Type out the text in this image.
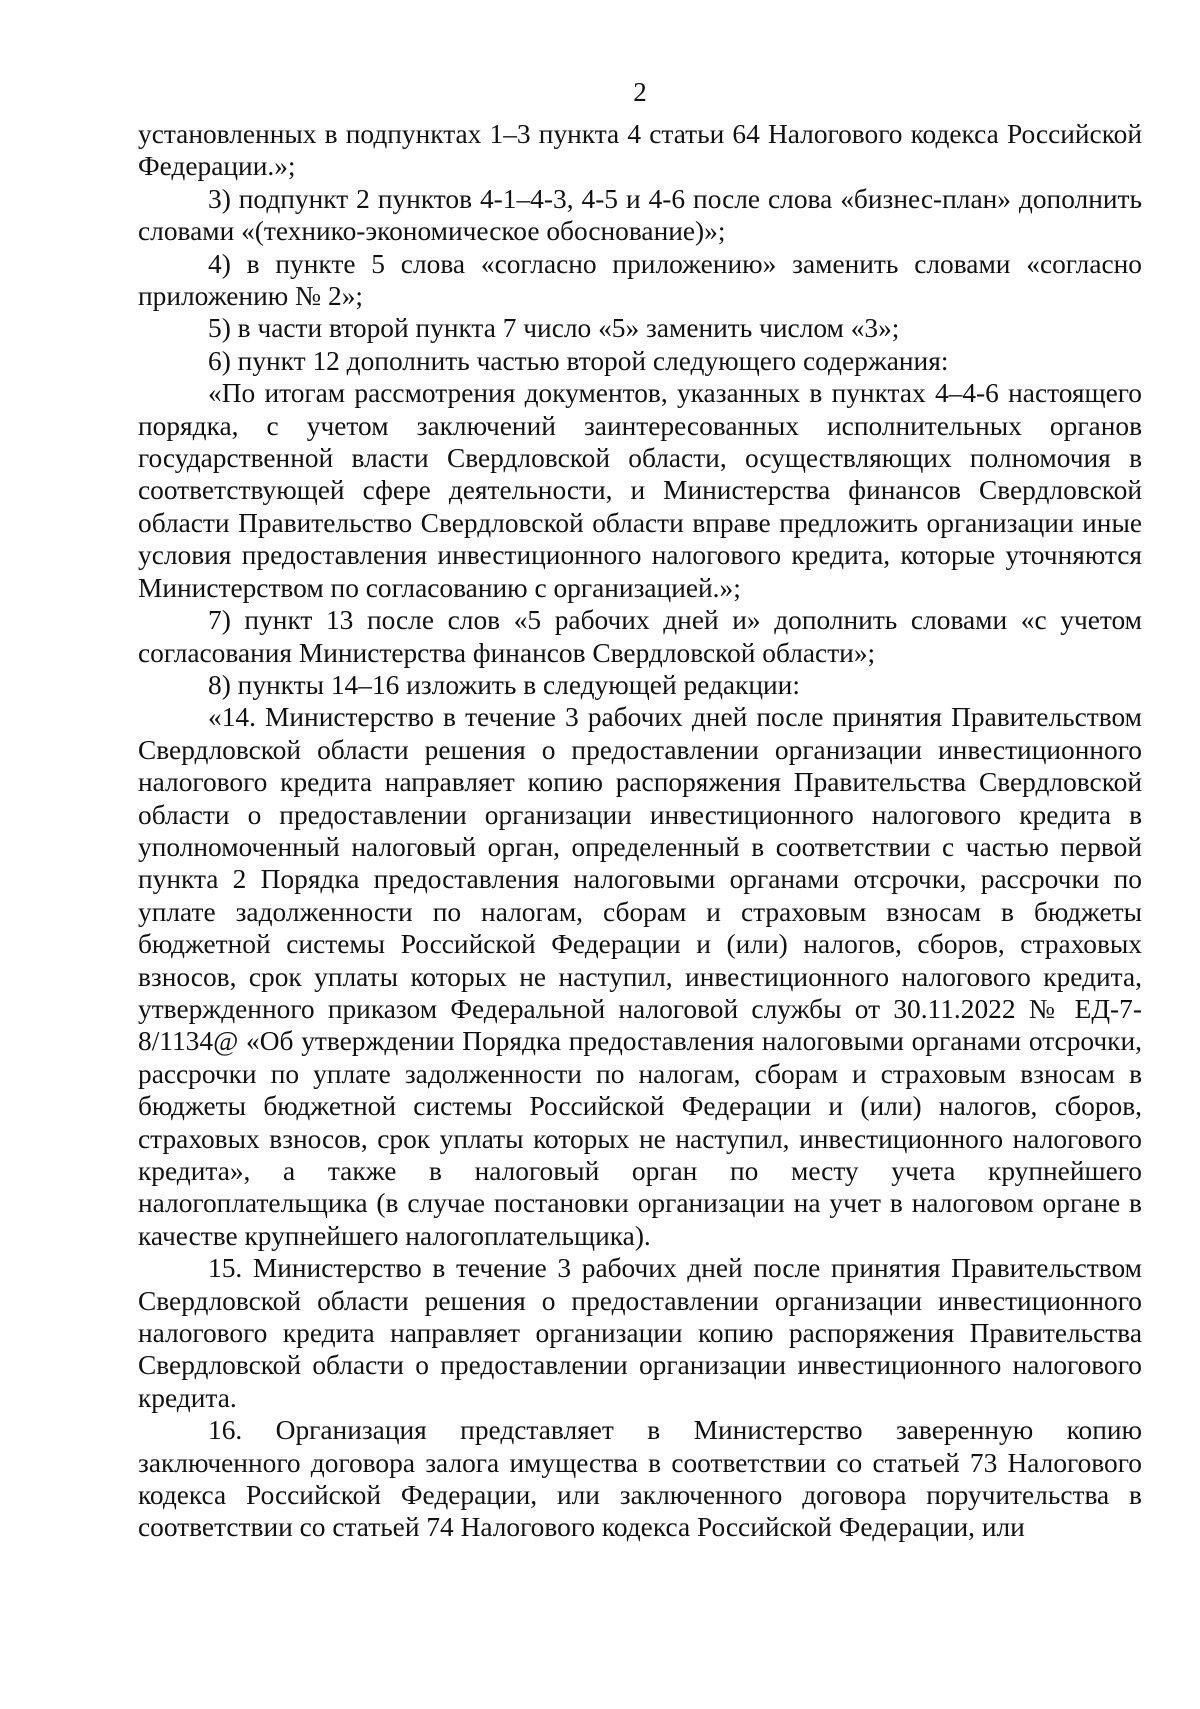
2

установленных в подпунктах 1–3 пункта 4 статьи 64 Налогового кодекса Российской Федерации.»;

3) подпункт 2 пунктов 4-1–4-3, 4-5 и 4-6 после слова «бизнес-план» дополнить словами «(технико-экономическое обоснование)»;

4) в пункте 5 слова «согласно приложению» заменить словами «согласно приложению № 2»;

5) в части второй пункта 7 число «5» заменить числом «3»;

6) пункт 12 дополнить частью второй следующего содержания:

«По итогам рассмотрения документов, указанных в пунктах 4–4-6 настоящего порядка, с учетом заключений заинтересованных исполнительных органов государственной власти Свердловской области, осуществляющих полномочия в соответствующей сфере деятельности, и Министерства финансов Свердловской области Правительство Свердловской области вправе предложить организации иные условия предоставления инвестиционного налогового кредита, которые уточняются Министерством по согласованию с организацией.»;

7) пункт 13 после слов «5 рабочих дней и» дополнить словами «с учетом согласования Министерства финансов Свердловской области»;

8) пункты 14–16 изложить в следующей редакции:

«14. Министерство в течение 3 рабочих дней после принятия Правительством Свердловской области решения о предоставлении организации инвестиционного налогового кредита направляет копию распоряжения Правительства Свердловской области о предоставлении организации инвестиционного налогового кредита в уполномоченный налоговый орган, определенный в соответствии с частью первой пункта 2 Порядка предоставления налоговыми органами отсрочки, рассрочки по уплате задолженности по налогам, сборам и страховым взносам в бюджеты бюджетной системы Российской Федерации и (или) налогов, сборов, страховых взносов, срок уплаты которых не наступил, инвестиционного налогового кредита, утвержденного приказом Федеральной налоговой службы от 30.11.2022 № ЕД-7-8/1134@ «Об утверждении Порядка предоставления налоговыми органами отсрочки, рассрочки по уплате задолженности по налогам, сборам и страховым взносам в бюджеты бюджетной системы Российской Федерации и (или) налогов, сборов, страховых взносов, срок уплаты которых не наступил, инвестиционного налогового кредита», а также в налоговый орган по месту учета крупнейшего налогоплательщика (в случае постановки организации на учет в налоговом органе в качестве крупнейшего налогоплательщика).

15. Министерство в течение 3 рабочих дней после принятия Правительством Свердловской области решения о предоставлении организации инвестиционного налогового кредита направляет организации копию распоряжения Правительства Свердловской области о предоставлении организации инвестиционного налогового кредита.

16. Организация представляет в Министерство заверенную копию заключенного договора залога имущества в соответствии со статьей 73 Налогового кодекса Российской Федерации, или заключенного договора поручительства в соответствии со статьей 74 Налогового кодекса Российской Федерации, или
